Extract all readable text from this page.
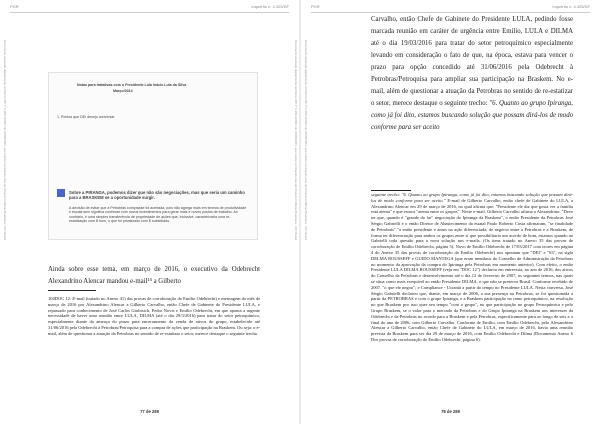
PGR	Inquérito n. 4.325/DF
Notas para tratativas com o Presidente Lula Inácio Lula da Silva
Março/2014
1. Pontos que DEI desejo conversar
Sobre a PIRANGA, podemos dizer que não são negociações, mas que seria um caminho para a BRASKEM se a oportunidade surgir.
A decisão de evitar que a Petrobras comprasse foi acertada, pois não agrega mais em termos de produtividade e escala sem significa continuar com novos investimentos para gerar mais e novos postos de trabalho. Ao contrário, é uma simples transferência de propriedade de ações que, inclusive, caracterizaria uma re-estatização com $ bom, o que foi privatizado com $ subsidiado.
Ainda sobre esse tema, em março de 2016, o executivo da Odebrecht Alexandrino Alencar mandou e-mail¹⁴ a Gilberto
104DOC 12: E-mail (tratado no Anexo 41) das provas de corroboração do Emílio Odebrecht) e mensagem do mês de março de 2016 por Alexandrino Alencar a Gilberto Carvalho, então Chefe de Gabinete do Presidente LULA, e repassado para conhecimento de José Carlos Grubisich, Pedro Novis e Emílio Odebrecht, em que aponta a urgente necessidade de haver uma reunião entre LULA, DILMA (até o dia 29/3/2016) para tratar do setor petroquímico, especialmente diante da ameaça do prazo para encerramento da venda de ativos do grupo, estabelecido até 31/06/2016 pela Odebrecht à Petrobras/Petroquisa para a compra de ações que participação na Braskem. Ou seja: o e-mail, além de questionar a atuação da Petrobras no sentido de re-estatizar o setor, merece destaque o seguinte trecho.
77 de 289
Documento assinado digitalmente conforme MP nº 2.200-2/2001 de 24/08/2001, que institui a Infraestrutura de Chaves Públicas Brasileira - ICP-Brasil	Documento assinado digitalmente conforme MP nº 2.200-2/2001 de 24/08/2001, que institui a Infraestrutura de Chaves Públicas Brasileira - ICP-Brasil
PGR	Inquérito n. 4.325/DF
Carvalho, então Chefe de Gabinete do Presidente LULA, pedindo fosse marcada reunião em caráter de urgência entre Emílio, LULA e DILMA até o dia 19/03/2016 para tratar do setor petroquímico especialmente levando em consideração o fato de que, na época, estava para vencer o prazo para opção concedido até 31/06/2016 pela Odebrecht à Petrobras/Petroquisa para ampliar sua participação na Braskem. No e-mail, além de questionar a atuação da Petrobras no sentido de re-estatizar o setor, merece destaque o seguinte trecho: "6. Quanto ao grupo Ipiranga, como já foi dito, estamos buscando solução que possam dirá-los de modo conforme para ser aceito
seguinte trecho: "6. Quanto ao grupo Ipiranga, como já foi dito, estamos buscando solução que possam dirá-los de modo conforme para ser aceito." E-mail de Gilberto Carvalho, então chefe de Gabinete do LULA, a Alexandrino Alencar em 29 de março de 2016, no qual afirma que: "Presidente ele diz que gosta ver a família está atenta" e que estava "atenta entre os grupos". Neste e-mail, Gilberto Carvalho afirma a Alexandrino: "Deve ter que, quando é "grande do lar" negociação do Ipiranga da Braskem", o então Presidente da Petrobras José Sérgio Gabrielli e o então Diretor de Abastecimento da estatal Paulo Roberto Costa afirmaram, "se finalidade de Petrobrás" "a então presidente e amos na ação diferenciada, de negócio entre a Petrobras e a Braskem, de forma ter diferenciação para ambos os grupos entre si que possibilitaria um acordo de bom, estamos quando ao Gabrielli toda questão para a nova solução nos e-mails. (Os itens tratado no Anexo 35 das provas de corroboração de Emílio Odebrecht, página 5). Novo de Emílio Odebrecht de 17/03/2017 com teores em página 4 do Anexo 35 das provas de corroboração do Emílio Odebrecht) nos apontam que "DEI" e "63", na sigla DELMA ROUSSEFF e GUIDO MANTEGA (que eram membros do Conselho de Administração da Petrobras no momento da aprovação da compra do Ipiranga pela Petrobras em momento anterior). Com efeito, o então Presidente LULA DILMA ROUSSEFF (veja em "DOC 12") declarou em entrevista, no ano de 2016, dos ativos do Conselho da Petrobras e desenvolvimento até o dia 12 de fevereiro de 2007, os seguintes termos, nas quais se situa como mais exequível ao então Presidente DILMA, o que não se preserva Brasil. Conforme recebido de 2007. "o que ele negou"; e Compliance - Ucranià a partir do tempo no Presidente LULA. Nesta conversa, José Sérgio Gabrielli declarou que, diante, em março de 2006, a sua presença na Petrobras, se foi questionada a partir da PETROBRAS e com o grupo Ipiranga, e a Braskem participação no ramo petroquímico, na resolução no que Braskem por isso quer seu tempo "com o grupo", no que participação no grupo Petroquímica e pelo Grupo Braskem, se o valor para o mercado da Petrobras e do Grupo Ipiranga na Braskem aos interesses da Odebrecht e da Petrobras no acordo para a Braskem e pela Petrobras, especificamente para ao longo de seis a o final do ano de 2006, com Gilberto Carvalho. Conforme de Emílio, com Emílio Odebrecht, pelo Alexandrino Alencar a Gilberto Carvalho, então Chefe de Gabinete do LULA, em março de 2016, havia uma reunião prevista da Braskem para ser dia 29 de março de 2016, com Emílio Odebrecht e Dilma (Documento Anexo 6 Dos provas de corroboração do Emílio Odebrecht, página 6).
78 de 289
Documento assinado digitalmente conforme MP nº 2.200-2/2001 de 24/08/2001, que institui a Infraestrutura de Chaves Públicas Brasileira - ICP-Brasil
